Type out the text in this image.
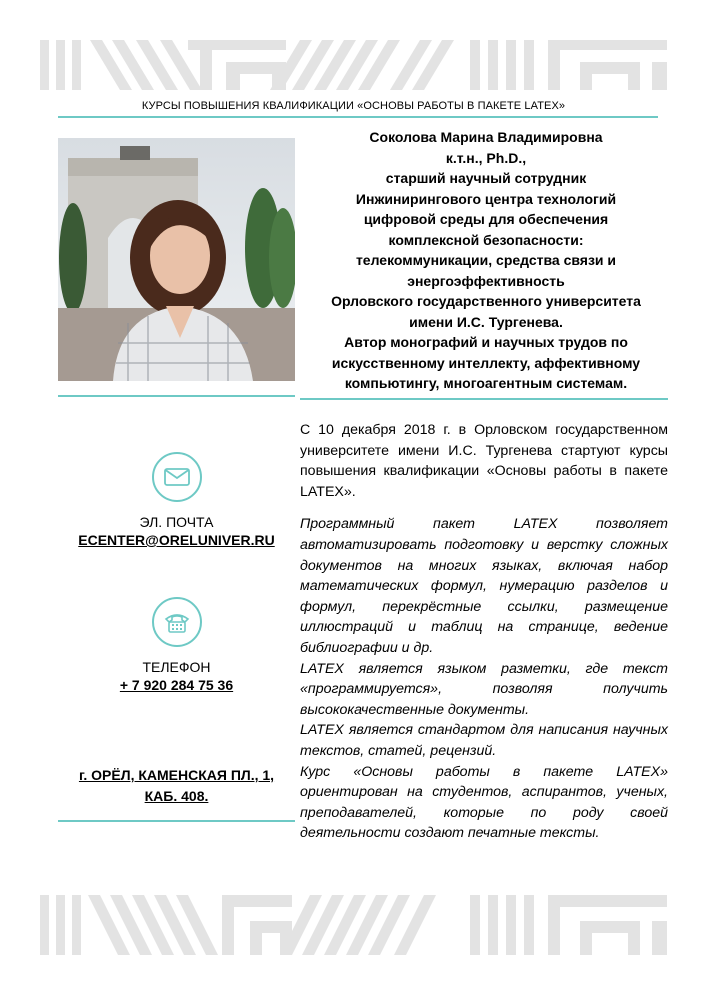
КУРСЫ ПОВЫШЕНИЯ КВАЛИФИКАЦИИ «ОСНОВЫ РАБОТЫ В ПАКЕТЕ LATEX»
Соколова Марина Владимировна
к.т.н., Ph.D.,
старший научный сотрудник
Инжинирингового центра технологий
цифровой среды для обеспечения
комплексной безопасности:
телекоммуникации, средства связи и
энергоэффективность
Орловского государственного университета
имени И.С. Тургенева.
Автор монографий и научных трудов по
искусственному интеллекту, аффективному
компьютингу, многоагентным системам.
ЭЛ. ПОЧТА
ECENTER@ORELUNIVER.RU
ТЕЛЕФОН
+ 7 920 284 75 36
г. ОРЁЛ, КАМЕНСКАЯ ПЛ., 1,
КАБ. 408.

С 10 декабря 2018 г. в Орловском государственном университете имени И.С. Тургенева стартуют курсы повышения квалификации «Основы работы в пакете LATEX».

Программный пакет LATEX позволяет автоматизировать подготовку и верстку сложных документов на многих языках, включая набор математических формул, нумерацию разделов и формул, перекрёстные ссылки, размещение иллюстраций и таблиц на странице, ведение библиографии и др.

LATEX является языком разметки, где текст «программируется», позволяя получить высококачественные документы.

LATEX является стандартом для написания научных текстов, статей, рецензий.

Курс «Основы работы в пакете LATEX» ориентирован на студентов, аспирантов, ученых, преподавателей, которые по роду своей деятельности создают печатные тексты.
